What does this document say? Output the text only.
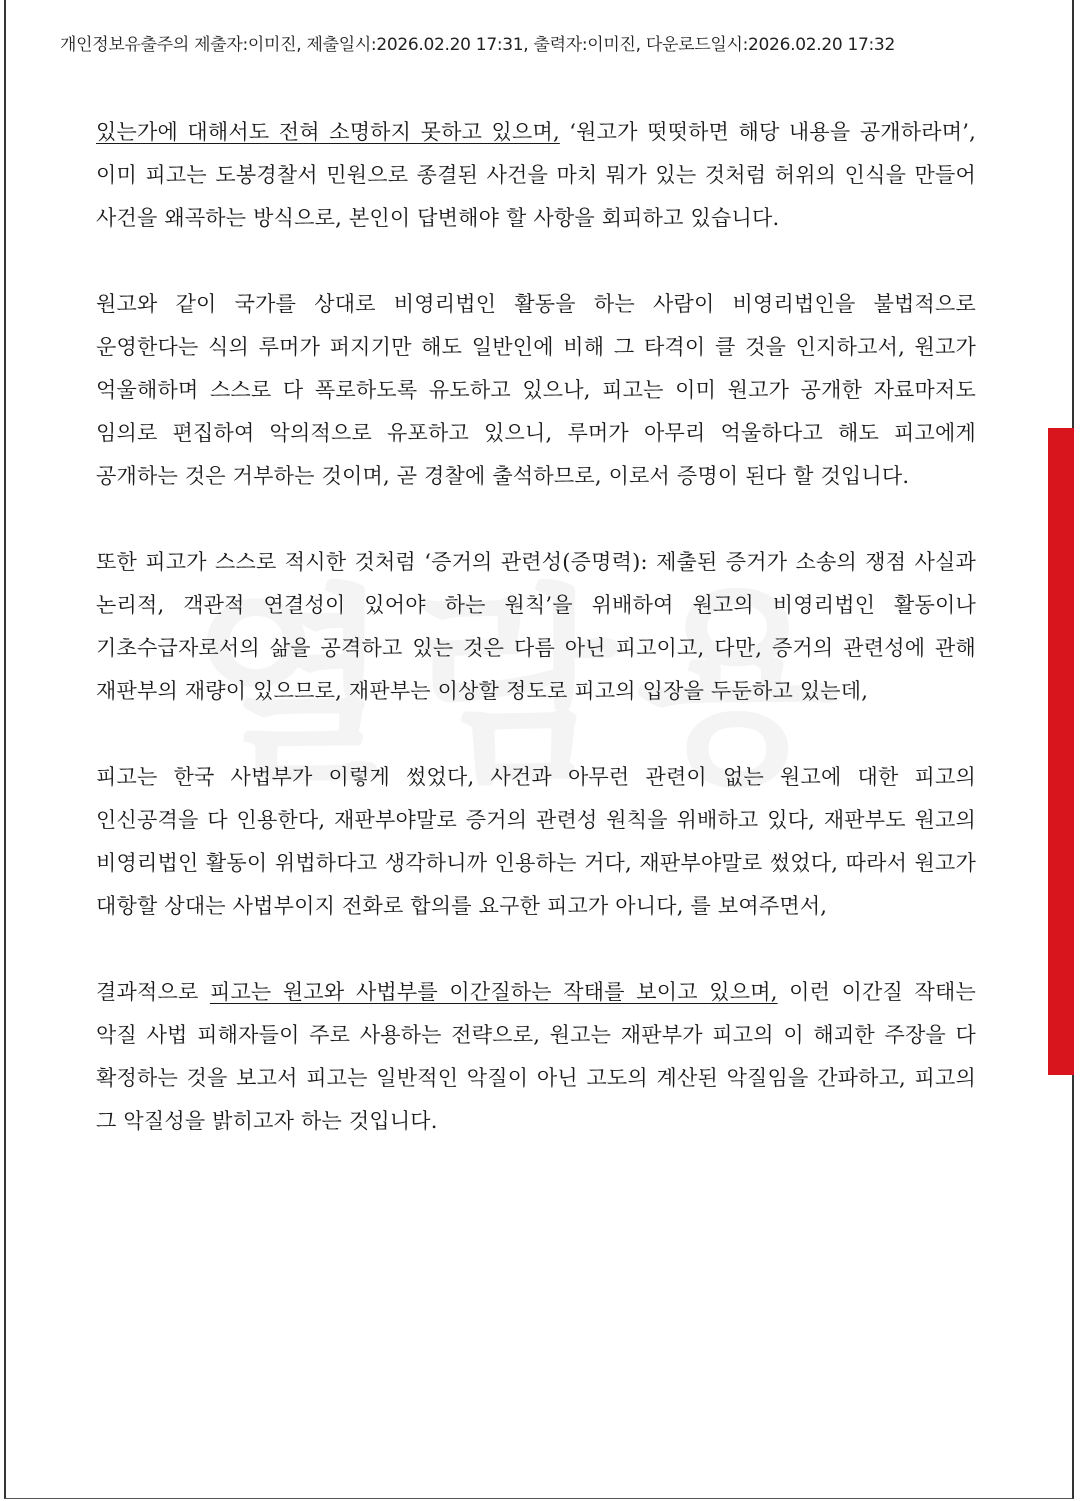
개인정보유출주의 제출자:이미진, 제출일시:2026.02.20 17:31, 출력자:이미진, 다운로드일시:2026.02.20 17:32

있는가에 대해서도 전혀 소명하지 못하고 있으며, ‘원고가 떳떳하면 해당 내용을 공개하라며’, 이미 피고는 도봉경찰서 민원으로 종결된 사건을 마치 뭐가 있는 것처럼 허위의 인식을 만들어 사건을 왜곡하는 방식으로, 본인이 답변해야 할 사항을 회피하고 있습니다.

원고와 같이 국가를 상대로 비영리법인 활동을 하는 사람이 비영리법인을 불법적으로 운영한다는 식의 루머가 퍼지기만 해도 일반인에 비해 그 타격이 클 것을 인지하고서, 원고가 억울해하며 스스로 다 폭로하도록 유도하고 있으나, 피고는 이미 원고가 공개한 자료마저도 임의로 편집하여 악의적으로 유포하고 있으니, 루머가 아무리 억울하다고 해도 피고에게 공개하는 것은 거부하는 것이며, 곧 경찰에 출석하므로, 이로서 증명이 된다 할 것입니다.

또한 피고가 스스로 적시한 것처럼 ‘증거의 관련성(증명력): 제출된 증거가 소송의 쟁점 사실과 논리적, 객관적 연결성이 있어야 하는 원칙’을 위배하여 원고의 비영리법인 활동이나 기초수급자로서의 삶을 공격하고 있는 것은 다름 아닌 피고이고, 다만, 증거의 관련성에 관해 재판부의 재량이 있으므로, 재판부는 이상할 정도로 피고의 입장을 두둔하고 있는데,

피고는 한국 사법부가 이렇게 썼었다, 사건과 아무런 관련이 없는 원고에 대한 피고의 인신공격을 다 인용한다, 재판부야말로 증거의 관련성 원칙을 위배하고 있다, 재판부도 원고의 비영리법인 활동이 위법하다고 생각하니까 인용하는 거다, 재판부야말로 썼었다, 따라서 원고가 대항할 상대는 사법부이지 전화로 합의를 요구한 피고가 아니다, 를 보여주면서,

결과적으로 피고는 원고와 사법부를 이간질하는 작태를 보이고 있으며, 이런 이간질 작태는 악질 사법 피해자들이 주로 사용하는 전략으로, 원고는 재판부가 피고의 이 해괴한 주장을 다 확정하는 것을 보고서 피고는 일반적인 악질이 아닌 고도의 계산된 악질임을 간파하고, 피고의 그 악질성을 밝히고자 하는 것입니다.
